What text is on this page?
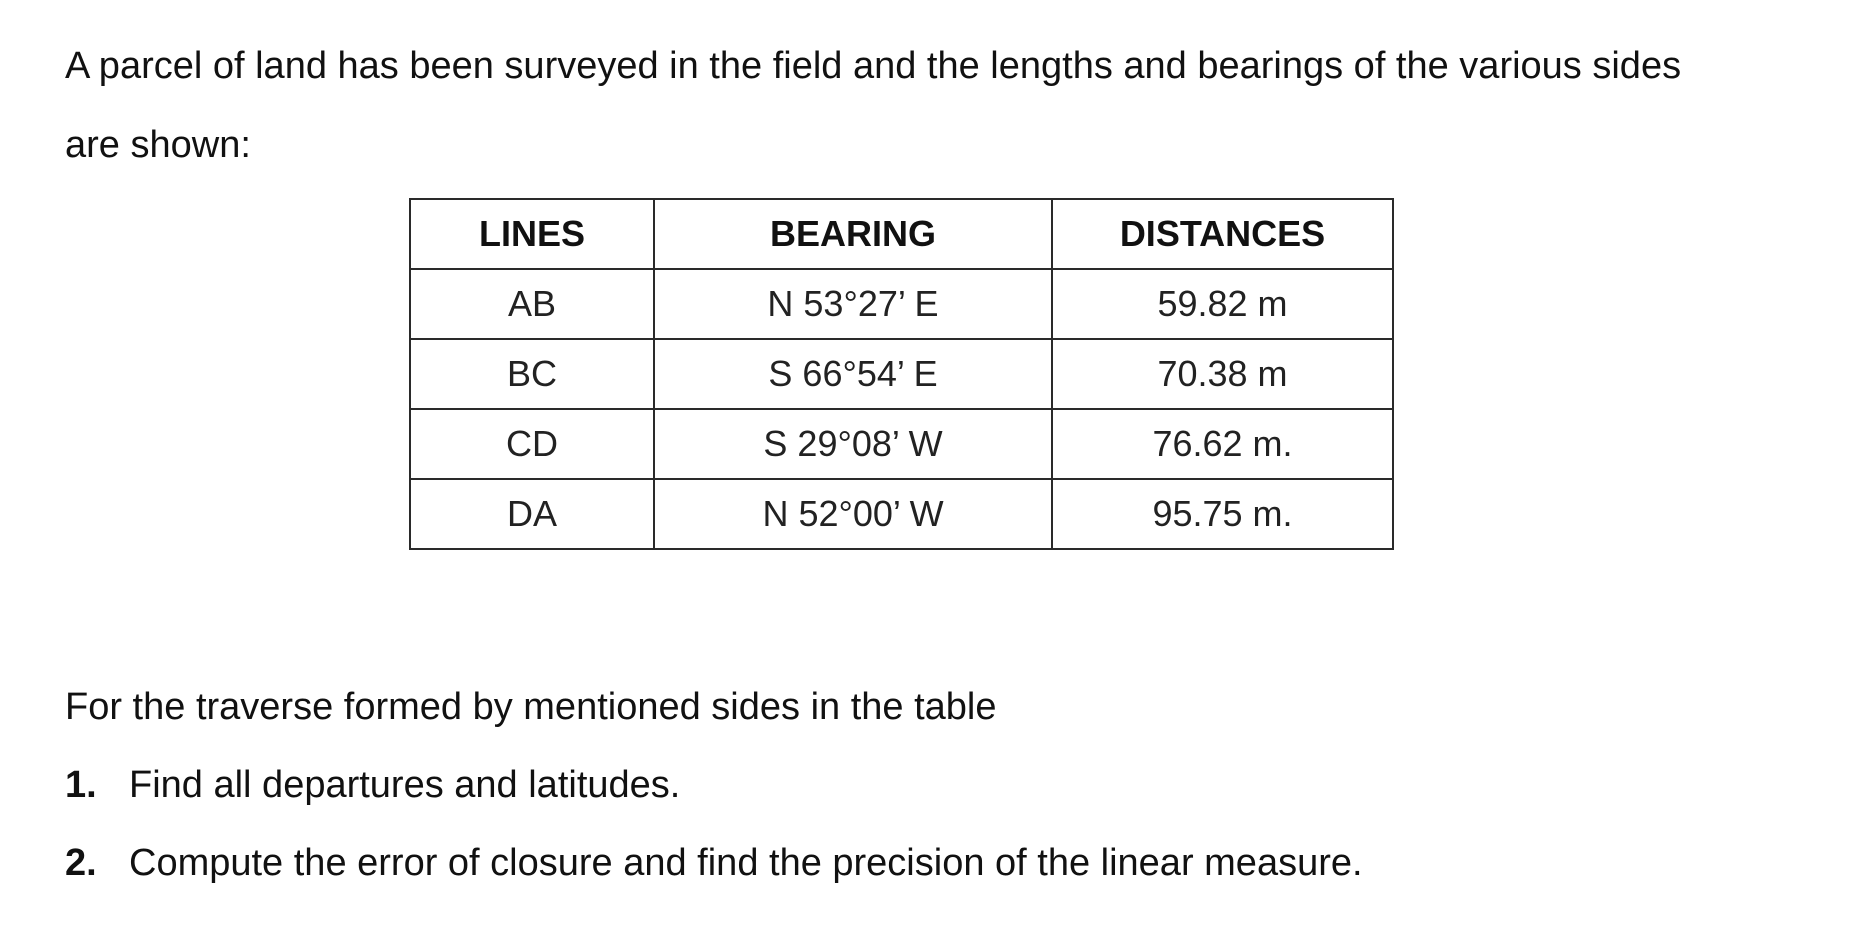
A parcel of land has been surveyed in the field and the lengths and bearings of the various sides
are shown:
LINES	BEARING	DISTANCES
AB	N 53°27’ E	59.82 m
BC	S 66°54’ E	70.38 m
CD	S 29°08’ W	76.62 m.
DA	N 52°00’ W	95.75 m.
For the traverse formed by mentioned sides in the table
1. Find all departures and latitudes.
2. Compute the error of closure and find the precision of the linear measure.
